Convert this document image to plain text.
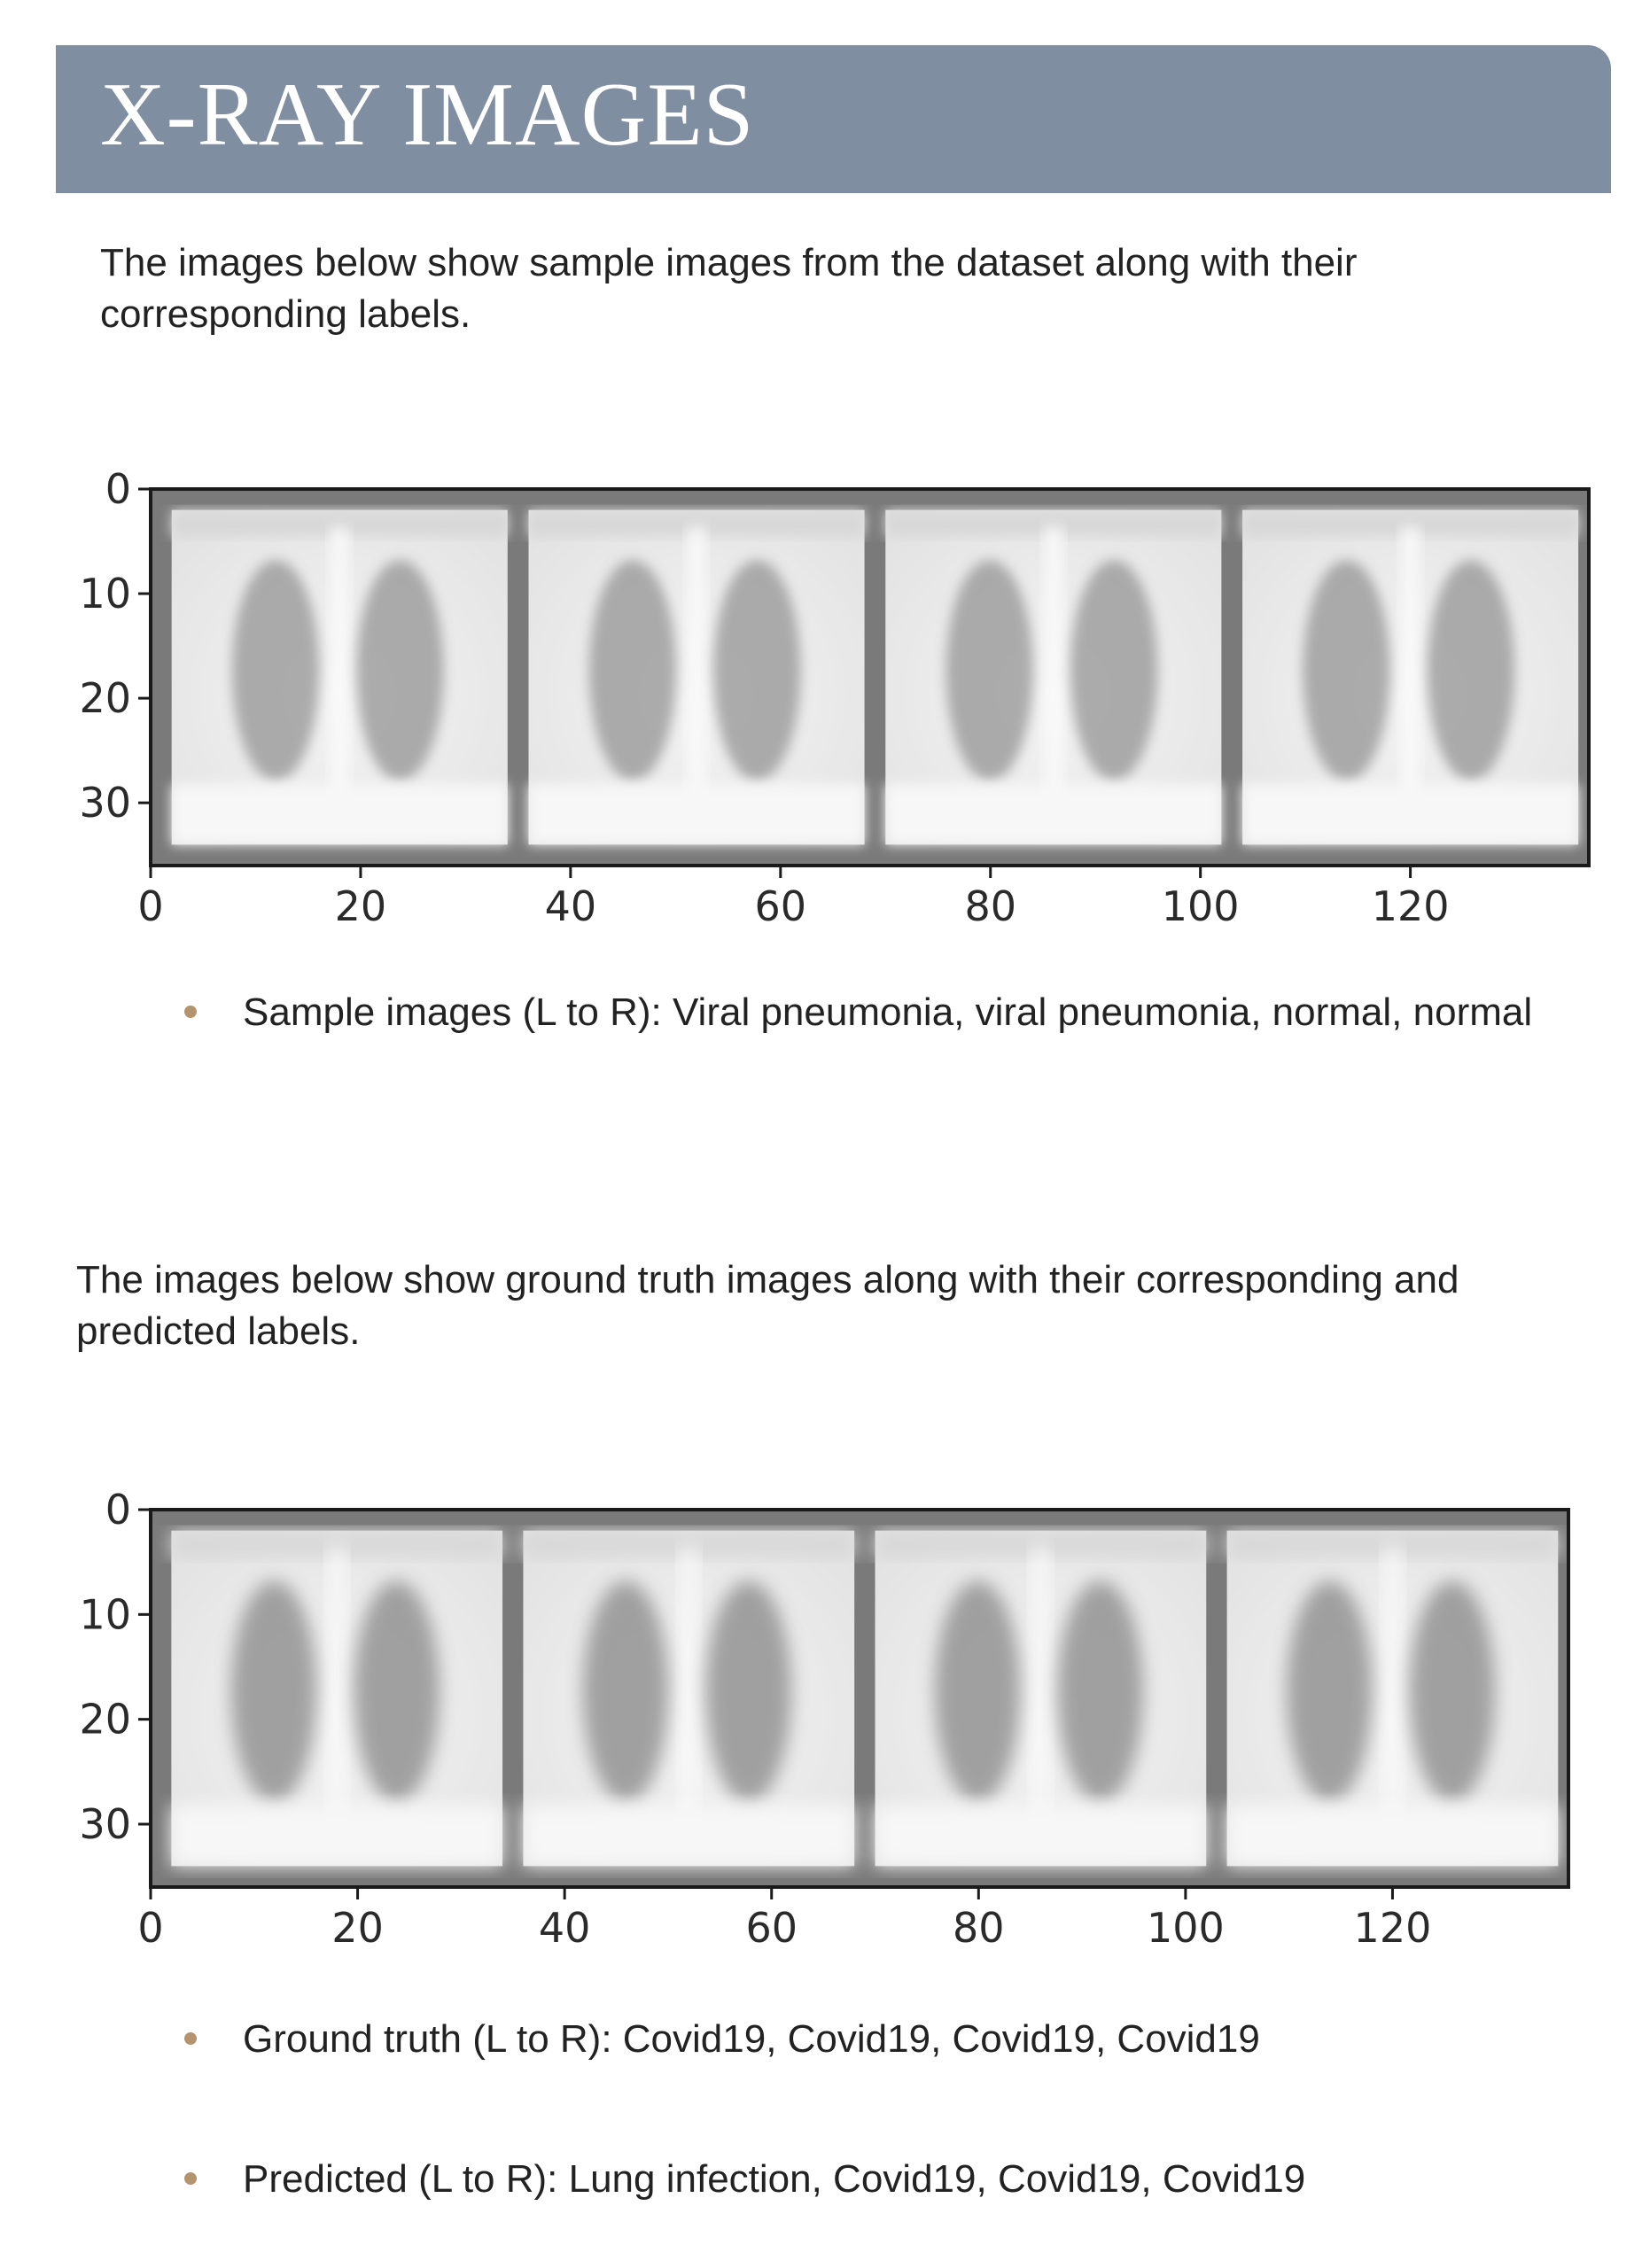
X-RAY IMAGES

The images below show sample images from the dataset along with their corresponding labels.

0	20	40	60	80	100	120
0
10
20
30
Sample images (L to R): Viral pneumonia, viral pneumonia, normal, normal

The images below show ground truth images along with their corresponding and predicted labels.

0	20	40	60	80	100	120
0
10
20
30
Ground truth (L to R): Covid19, Covid19, Covid19, Covid19
Predicted (L to R): Lung infection, Covid19, Covid19, Covid19
